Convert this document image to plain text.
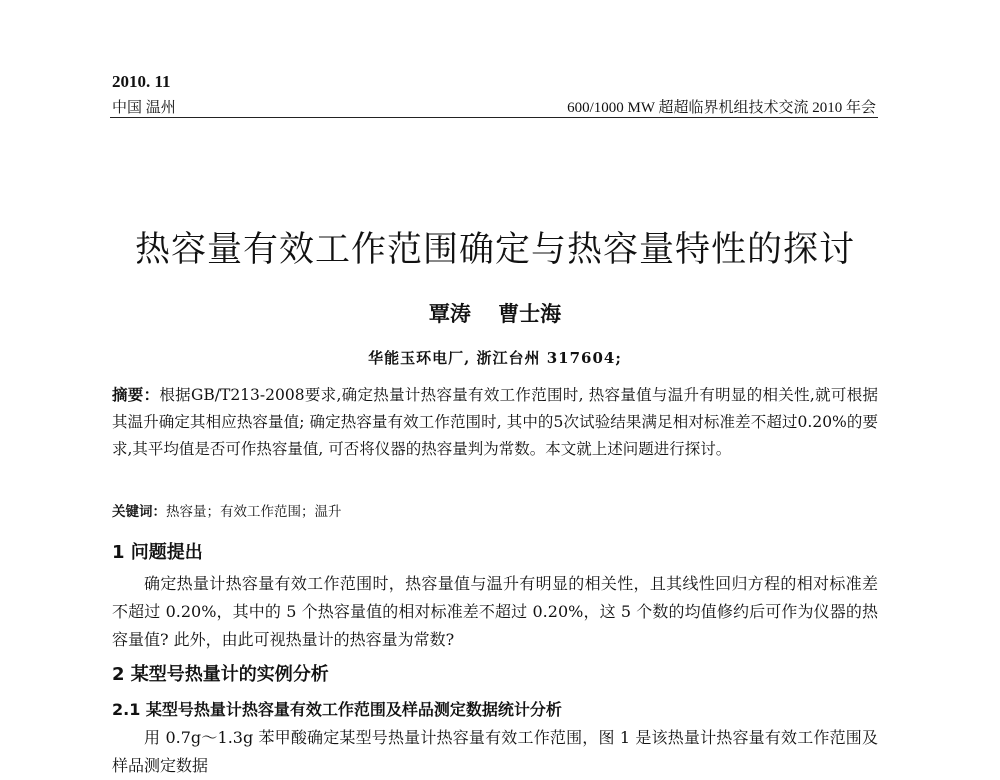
2010. 11
中国 温州	600/1000 MW 超超临界机组技术交流 2010 年会
热容量有效工作范围确定与热容量特性的探讨
覃涛 曹士海
华能玉环电厂, 浙江台州 317604;
摘要：根据GB/T213-2008要求,确定热量计热容量有效工作范围时, 热容量值与温升有明显的相关性,就可根据其温升确定其相应热容量值; 确定热容量有效工作范围时, 其中的5次试验结果满足相对标准差不超过0.20%的要求,其平均值是否可作热容量值, 可否将仪器的热容量判为常数。本文就上述问题进行探讨。
关键词：热容量；有效工作范围；温升
1 问题提出
确定热量计热容量有效工作范围时，热容量值与温升有明显的相关性，且其线性回归方程的相对标准差不超过 0.20%，其中的 5 个热容量值的相对标准差不超过 0.20%，这 5 个数的均值修约后可作为仪器的热容量值? 此外，由此可视热量计的热容量为常数?
2 某型号热量计的实例分析
2.1 某型号热量计热容量有效工作范围及样品测定数据统计分析
用 0.7g～1.3g 苯甲酸确定某型号热量计热容量有效工作范围，图 1 是该热量计热容量有效工作范围及样品测定数据
